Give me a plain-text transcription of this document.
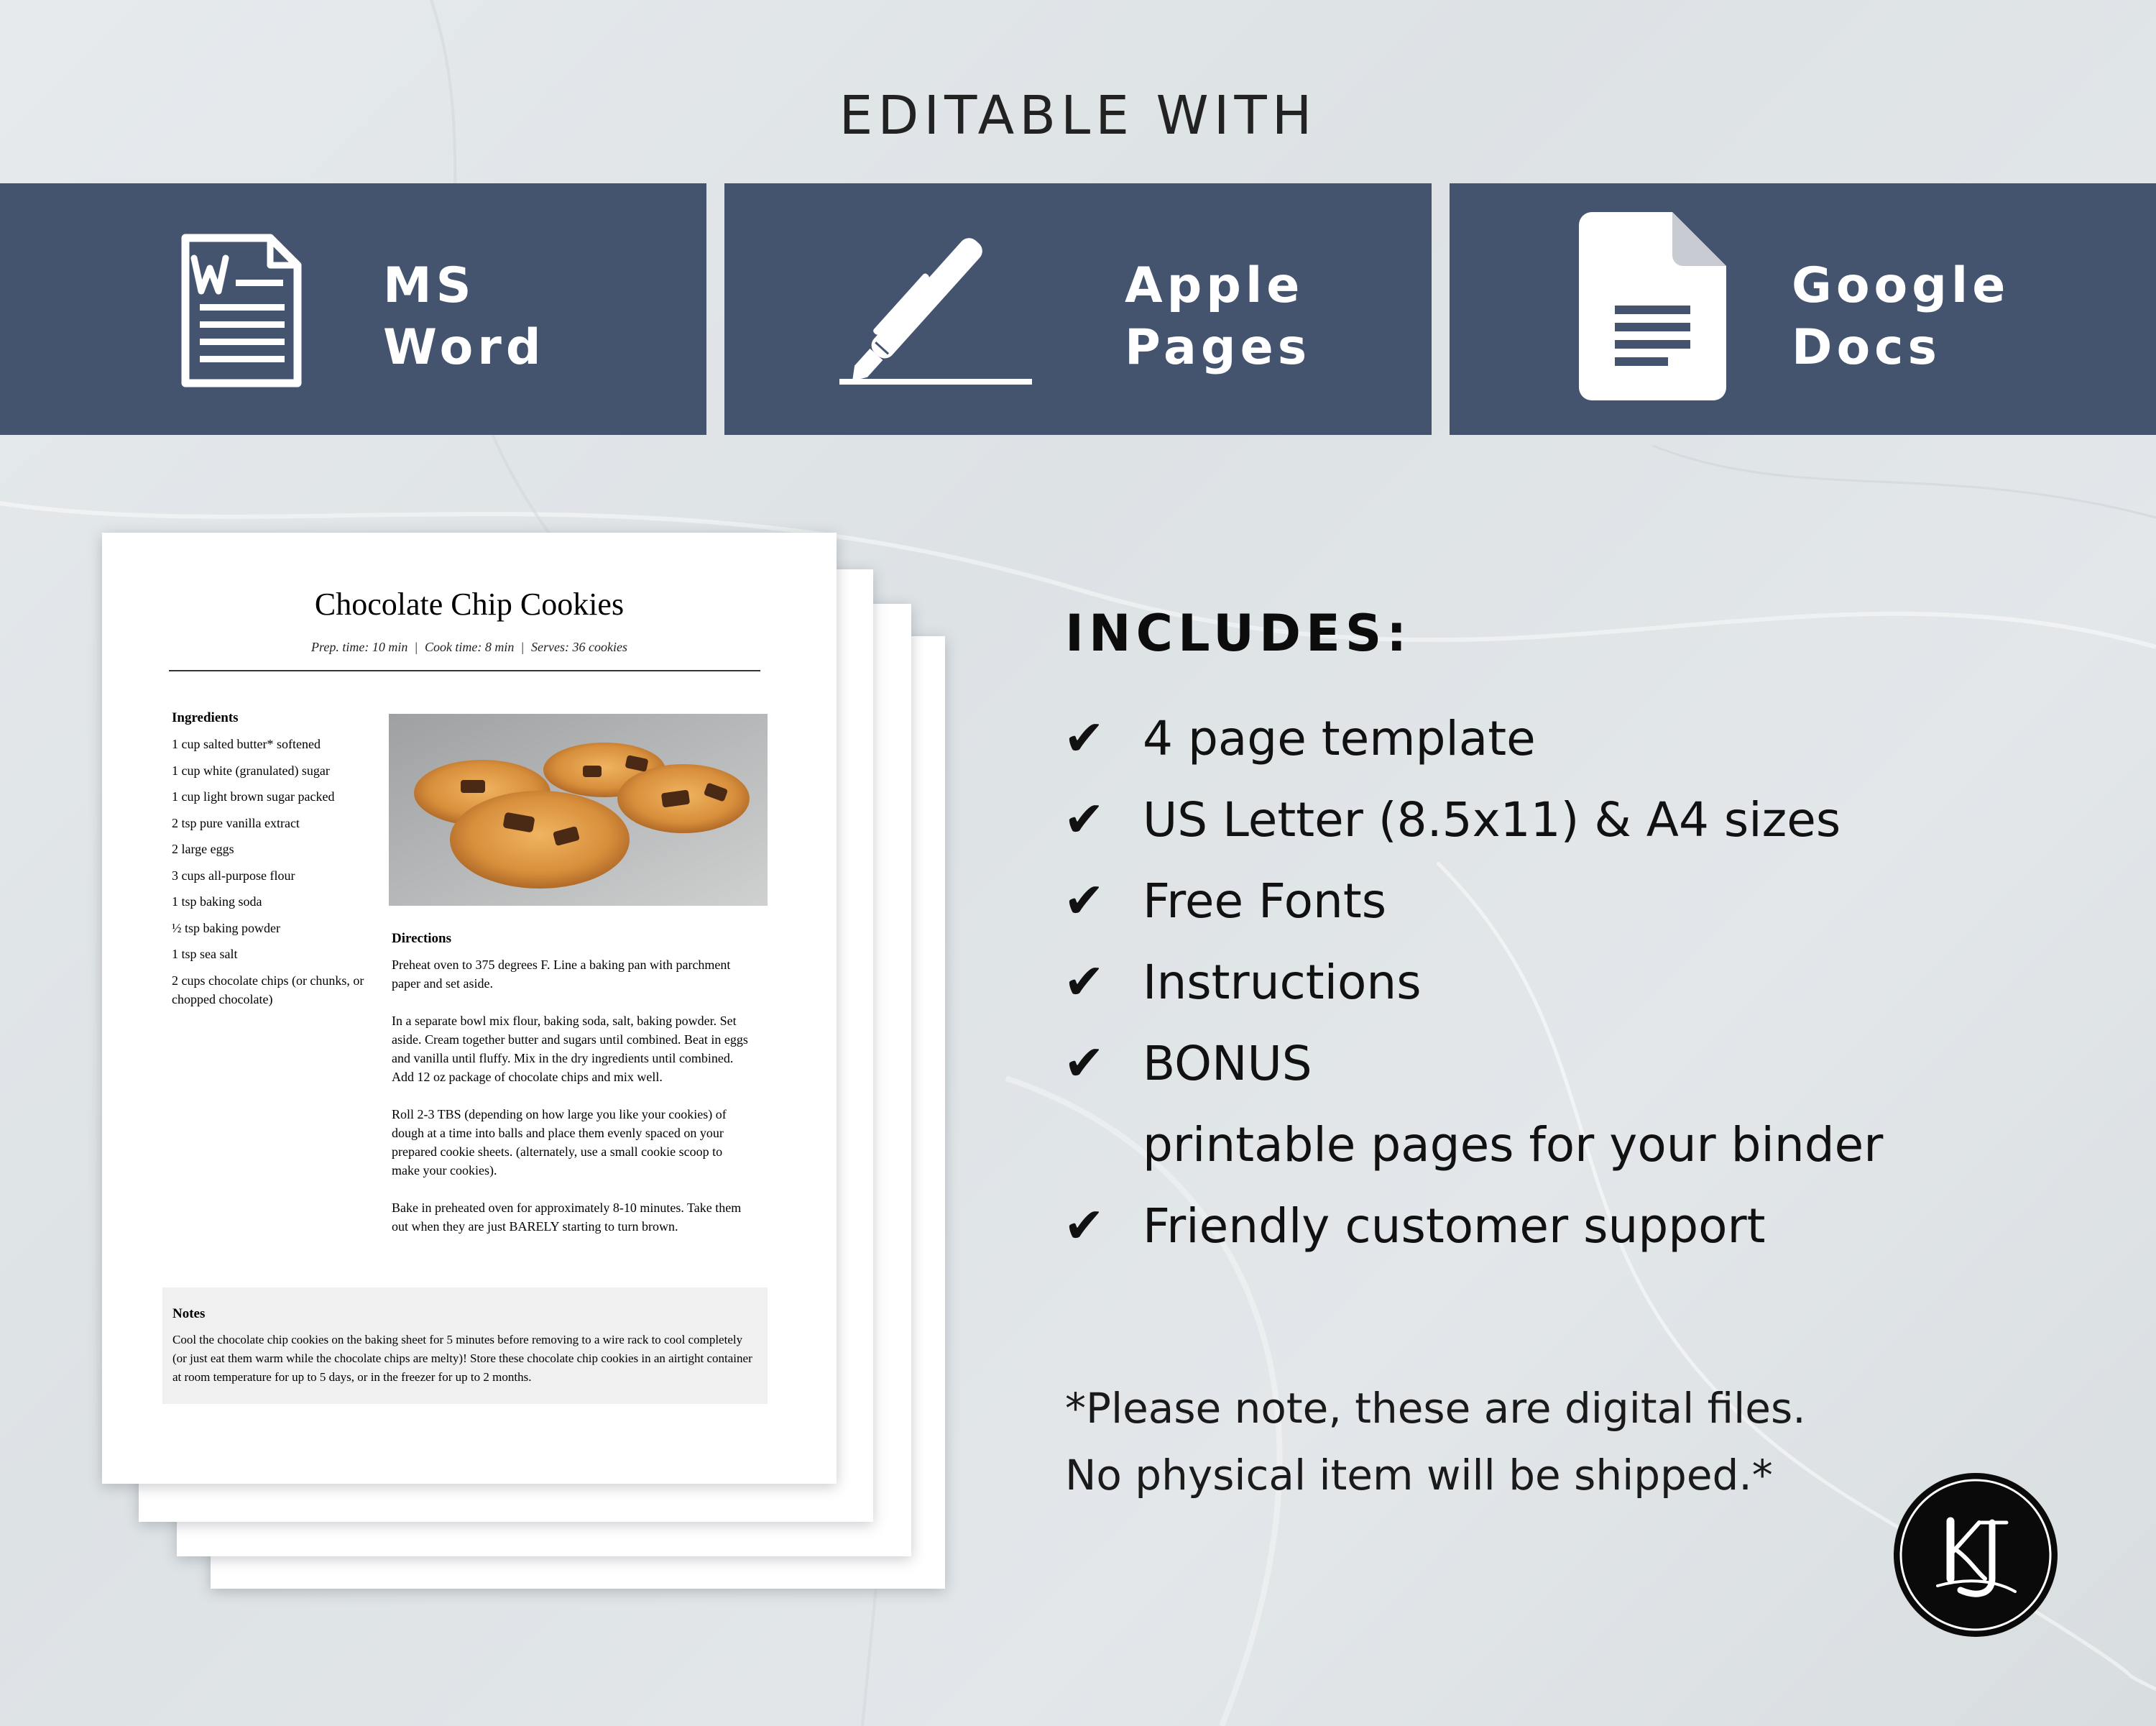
EDITABLE WITH
MS
Word
Apple
Pages
Google
Docs
Chocolate Chip Cookies
Prep. time: 10 min | Cook time: 8 min | Serves: 36 cookies
Ingredients
1 cup salted butter* softened
1 cup white (granulated) sugar
1 cup light brown sugar packed
2 tsp pure vanilla extract
2 large eggs
3 cups all-purpose flour
1 tsp baking soda
½ tsp baking powder
1 tsp sea salt
2 cups chocolate chips (or chunks, or chopped chocolate)
Directions

Preheat oven to 375 degrees F. Line a baking pan with parchment paper and set aside.

In a separate bowl mix flour, baking soda, salt, baking powder. Set aside. Cream together butter and sugars until combined. Beat in eggs and vanilla until fluffy. Mix in the dry ingredients until combined. Add 12 oz package of chocolate chips and mix well.

Roll 2-3 TBS (depending on how large you like your cookies) of dough at a time into balls and place them evenly spaced on your prepared cookie sheets. (alternately, use a small cookie scoop to make your cookies).

Bake in preheated oven for approximately 8-10 minutes. Take them out when they are just BARELY starting to turn brown.

Notes
Cool the chocolate chip cookies on the baking sheet for 5 minutes before removing to a wire rack to cool completely (or just eat them warm while the chocolate chips are melty)! Store these chocolate chip cookies in an airtight container at room temperature for up to 5 days, or in the freezer for up to 2 months.
INCLUDES:
✔ 4 page template
✔ US Letter (8.5x11) & A4 sizes
✔ Free Fonts
✔ Instructions
✔ BONUS
printable pages for your binder
✔ Friendly customer support
*Please note, these are digital files.
No physical item will be shipped.*
